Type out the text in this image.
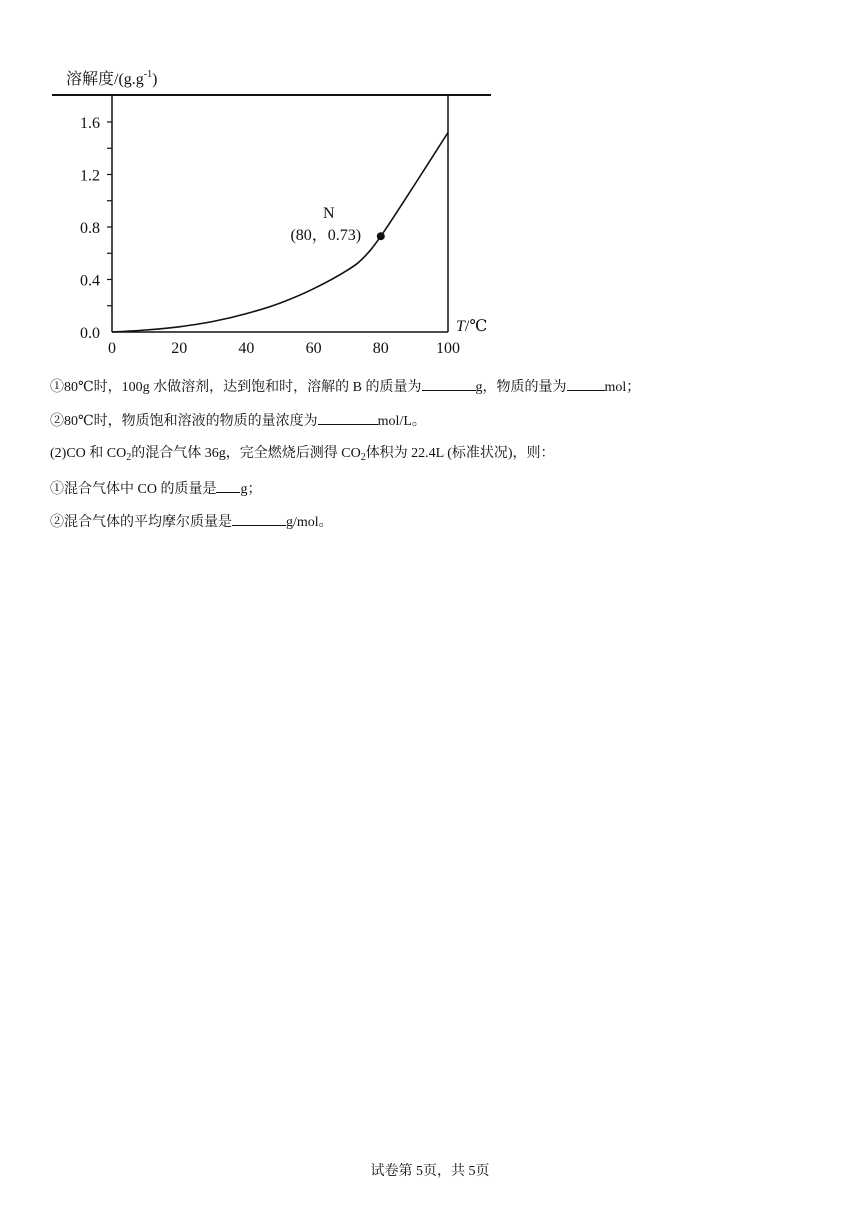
溶解度$/(g.g^{-1})$
T/℃
0.0
0.4
0.8
1.2
1.6
0	20	40	60	80	100
N
(80，0.73)
①80℃时，100g 水做溶剂，达到饱和时，溶解的 B 的质量为	g，物质的量为	mol；
②80℃时，物质饱和溶液的物质的量浓度为	mol/L。
(2)CO 和 $CO_2$的混合气体 36g，完全燃烧后测得 $CO_2$体积为 22.4L (标准状况)，则：
①混合气体中 CO 的质量是 g；
②混合气体的平均摩尔质量是	g/mol。
试卷第 5页，共 5页
